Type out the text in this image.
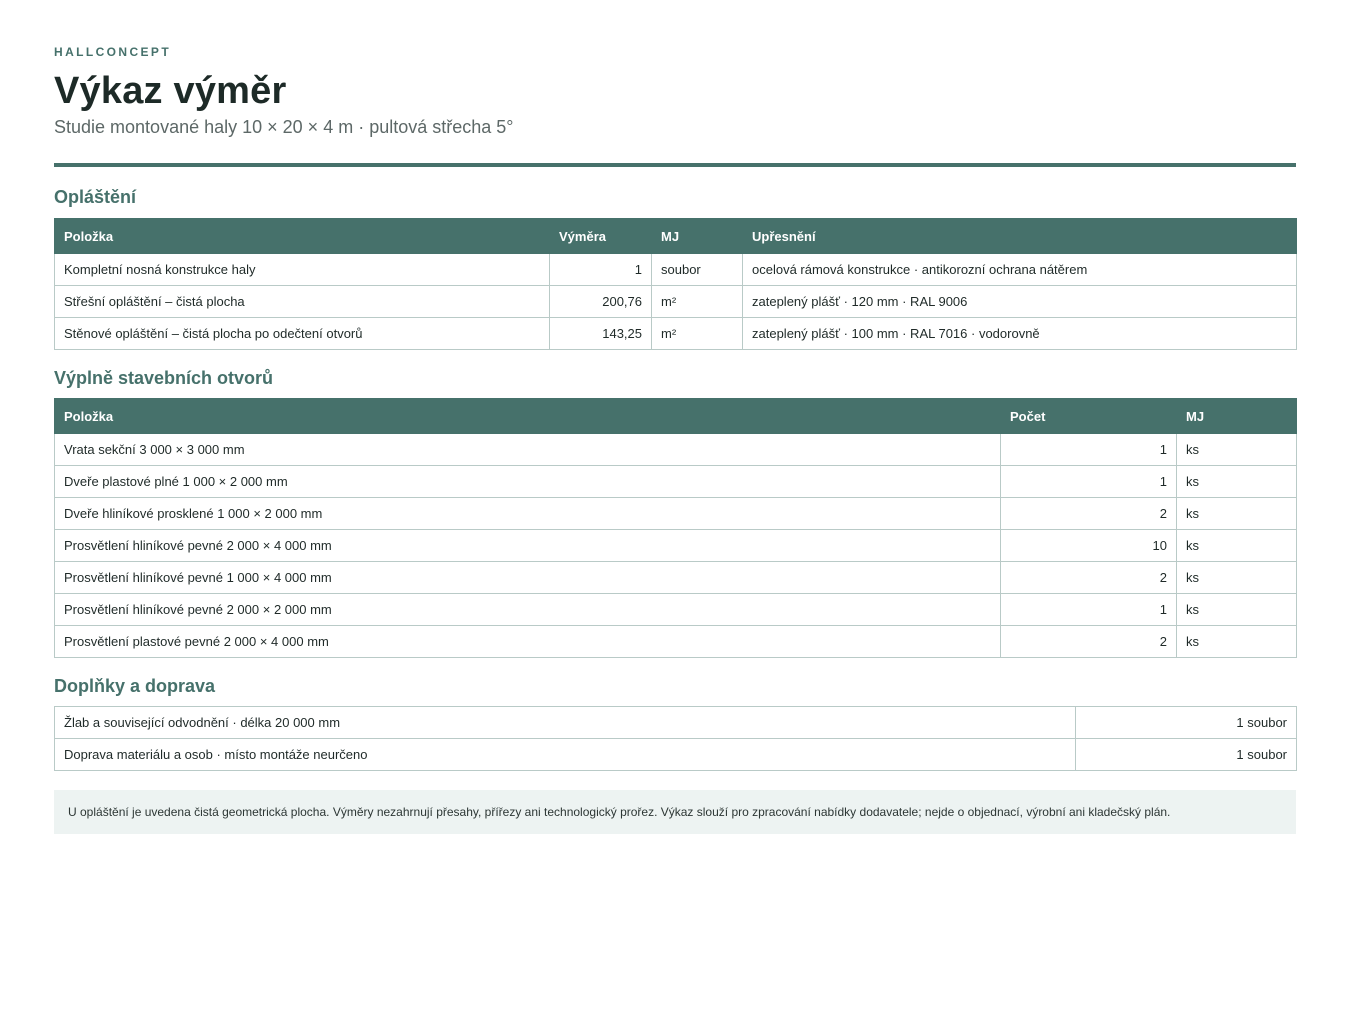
HALLCONCEPT
Výkaz výměr
Studie montované haly 10 × 20 × 4 m · pultová střecha 5°
Opláštění
Položka	Výměra	MJ	Upřesnění
Kompletní nosná konstrukce haly	1	soubor	ocelová rámová konstrukce · antikorozní ochrana nátěrem
Střešní opláštění – čistá plocha	200,76	m²	zateplený plášť · 120 mm · RAL 9006
Stěnové opláštění – čistá plocha po odečtení otvorů	143,25	m²	zateplený plášť · 100 mm · RAL 7016 · vodorovně
Výplně stavebních otvorů
Položka	Počet	MJ
Vrata sekční 3 000 × 3 000 mm	1	ks
Dveře plastové plné 1 000 × 2 000 mm	1	ks
Dveře hliníkové prosklené 1 000 × 2 000 mm	2	ks
Prosvětlení hliníkové pevné 2 000 × 4 000 mm	10	ks
Prosvětlení hliníkové pevné 1 000 × 4 000 mm	2	ks
Prosvětlení hliníkové pevné 2 000 × 2 000 mm	1	ks
Prosvětlení plastové pevné 2 000 × 4 000 mm	2	ks
Doplňky a doprava
Žlab a související odvodnění · délka 20 000 mm	1 soubor
Doprava materiálu a osob · místo montáže neurčeno	1 soubor
U opláštění je uvedena čistá geometrická plocha. Výměry nezahrnují přesahy, přířezy ani technologický prořez. Výkaz slouží pro zpracování nabídky dodavatele; nejde o objednací, výrobní ani kladečský plán.
